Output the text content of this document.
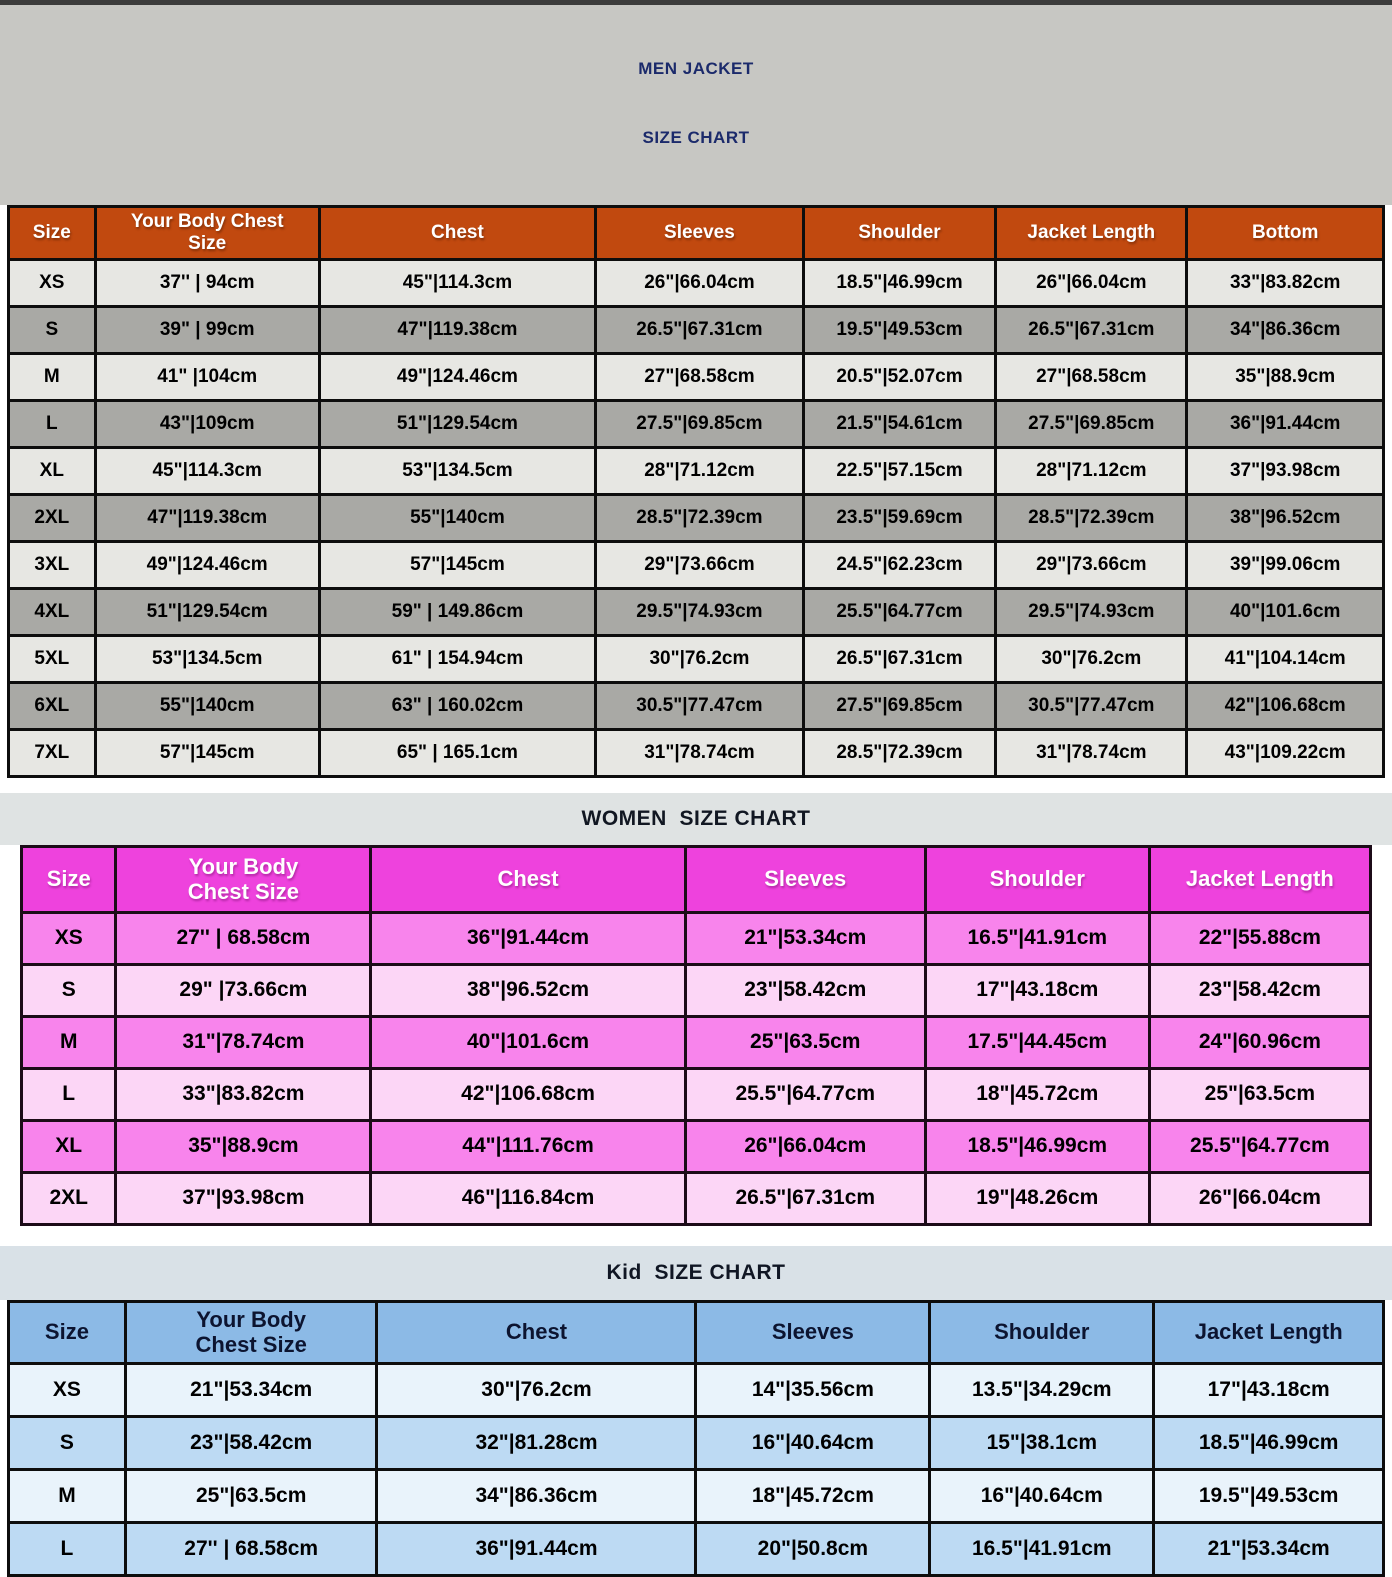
MEN JACKET

SIZE CHART

Size	Your Body Chest Size	Chest	Sleeves	Shoulder	Jacket Length	Bottom
XS	37'' | 94cm	45"|114.3cm	26"|66.04cm	18.5"|46.99cm	26"|66.04cm	33"|83.82cm
S	39" | 99cm	47"|119.38cm	26.5"|67.31cm	19.5"|49.53cm	26.5"|67.31cm	34"|86.36cm
M	41" |104cm	49"|124.46cm	27"|68.58cm	20.5"|52.07cm	27"|68.58cm	35"|88.9cm
L	43"|109cm	51"|129.54cm	27.5"|69.85cm	21.5"|54.61cm	27.5"|69.85cm	36"|91.44cm
XL	45"|114.3cm	53"|134.5cm	28"|71.12cm	22.5"|57.15cm	28"|71.12cm	37"|93.98cm
2XL	47"|119.38cm	55"|140cm	28.5"|72.39cm	23.5"|59.69cm	28.5"|72.39cm	38"|96.52cm
3XL	49"|124.46cm	57"|145cm	29"|73.66cm	24.5"|62.23cm	29"|73.66cm	39"|99.06cm
4XL	51"|129.54cm	59" | 149.86cm	29.5"|74.93cm	25.5"|64.77cm	29.5"|74.93cm	40"|101.6cm
5XL	53"|134.5cm	61" | 154.94cm	30"|76.2cm	26.5"|67.31cm	30"|76.2cm	41"|104.14cm
6XL	55"|140cm	63" | 160.02cm	30.5"|77.47cm	27.5"|69.85cm	30.5"|77.47cm	42"|106.68cm
7XL	57"|145cm	65" | 165.1cm	31"|78.74cm	28.5"|72.39cm	31"|78.74cm	43"|109.22cm
WOMEN  SIZE CHART
Size	Your Body Chest Size	Chest	Sleeves	Shoulder	Jacket Length
XS	27'' | 68.58cm	36"|91.44cm	21"|53.34cm	16.5"|41.91cm	22"|55.88cm
S	29" |73.66cm	38"|96.52cm	23"|58.42cm	17"|43.18cm	23"|58.42cm
M	31"|78.74cm	40"|101.6cm	25"|63.5cm	17.5"|44.45cm	24"|60.96cm
L	33"|83.82cm	42"|106.68cm	25.5"|64.77cm	18"|45.72cm	25"|63.5cm
XL	35"|88.9cm	44"|111.76cm	26"|66.04cm	18.5"|46.99cm	25.5"|64.77cm
2XL	37"|93.98cm	46"|116.84cm	26.5"|67.31cm	19"|48.26cm	26"|66.04cm
Kid  SIZE CHART
Size	Your Body Chest Size	Chest	Sleeves	Shoulder	Jacket Length
XS	21"|53.34cm	30"|76.2cm	14"|35.56cm	13.5"|34.29cm	17"|43.18cm
S	23"|58.42cm	32"|81.28cm	16"|40.64cm	15"|38.1cm	18.5"|46.99cm
M	25"|63.5cm	34"|86.36cm	18"|45.72cm	16"|40.64cm	19.5"|49.53cm
L	27'' | 68.58cm	36"|91.44cm	20"|50.8cm	16.5"|41.91cm	21"|53.34cm
